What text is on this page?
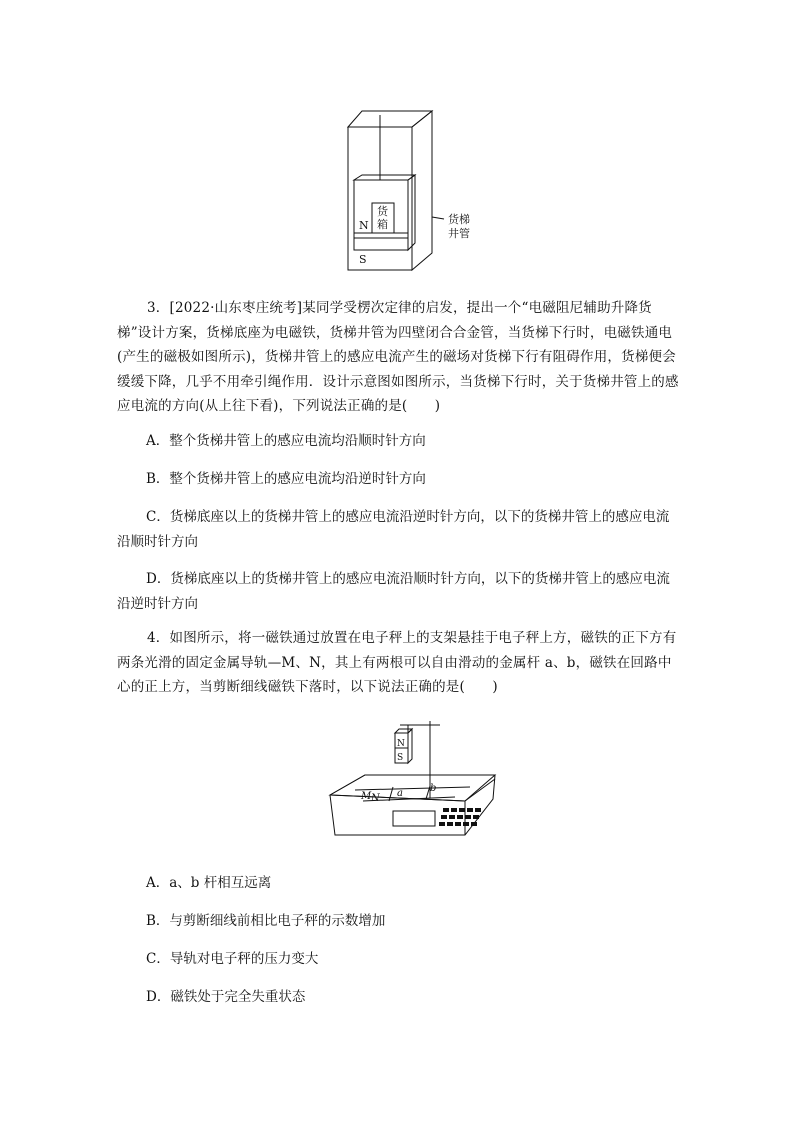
货
箱
N
S
货梯
井管
3．[2022·山东枣庄统考]某同学受楞次定律的启发，提出一个“电磁阻尼辅助升降货梯”设计方案，货梯底座为电磁铁，货梯井管为四壁闭合合金管，当货梯下行时，电磁铁通电(产生的磁极如图所示)，货梯井管上的感应电流产生的磁场对货梯下行有阻碍作用，货梯便会缓缓下降，几乎不用牵引绳作用．设计示意图如图所示，当货梯下行时，关于货梯井管上的感应电流的方向(从上往下看)，下列说法正确的是(　　)
A．整个货梯井管上的感应电流均沿顺时针方向
B．整个货梯井管上的感应电流均沿逆时针方向
C．货梯底座以上的货梯井管上的感应电流沿逆时针方向，以下的货梯井管上的感应电流沿顺时针方向
D．货梯底座以上的货梯井管上的感应电流沿顺时针方向，以下的货梯井管上的感应电流沿逆时针方向
4．如图所示，将一磁铁通过放置在电子秤上的支架悬挂于电子秤上方，磁铁的正下方有两条光滑的固定金属导轨—M、N，其上有两根可以自由滑动的金属杆 a、b，磁铁在回路中心的正上方，当剪断细线磁铁下落时，以下说法正确的是(　　)
N
S
M N a	b
A．a、b 杆相互远离
B．与剪断细线前相比电子秤的示数增加
C．导轨对电子秤的压力变大
D．磁铁处于完全失重状态
